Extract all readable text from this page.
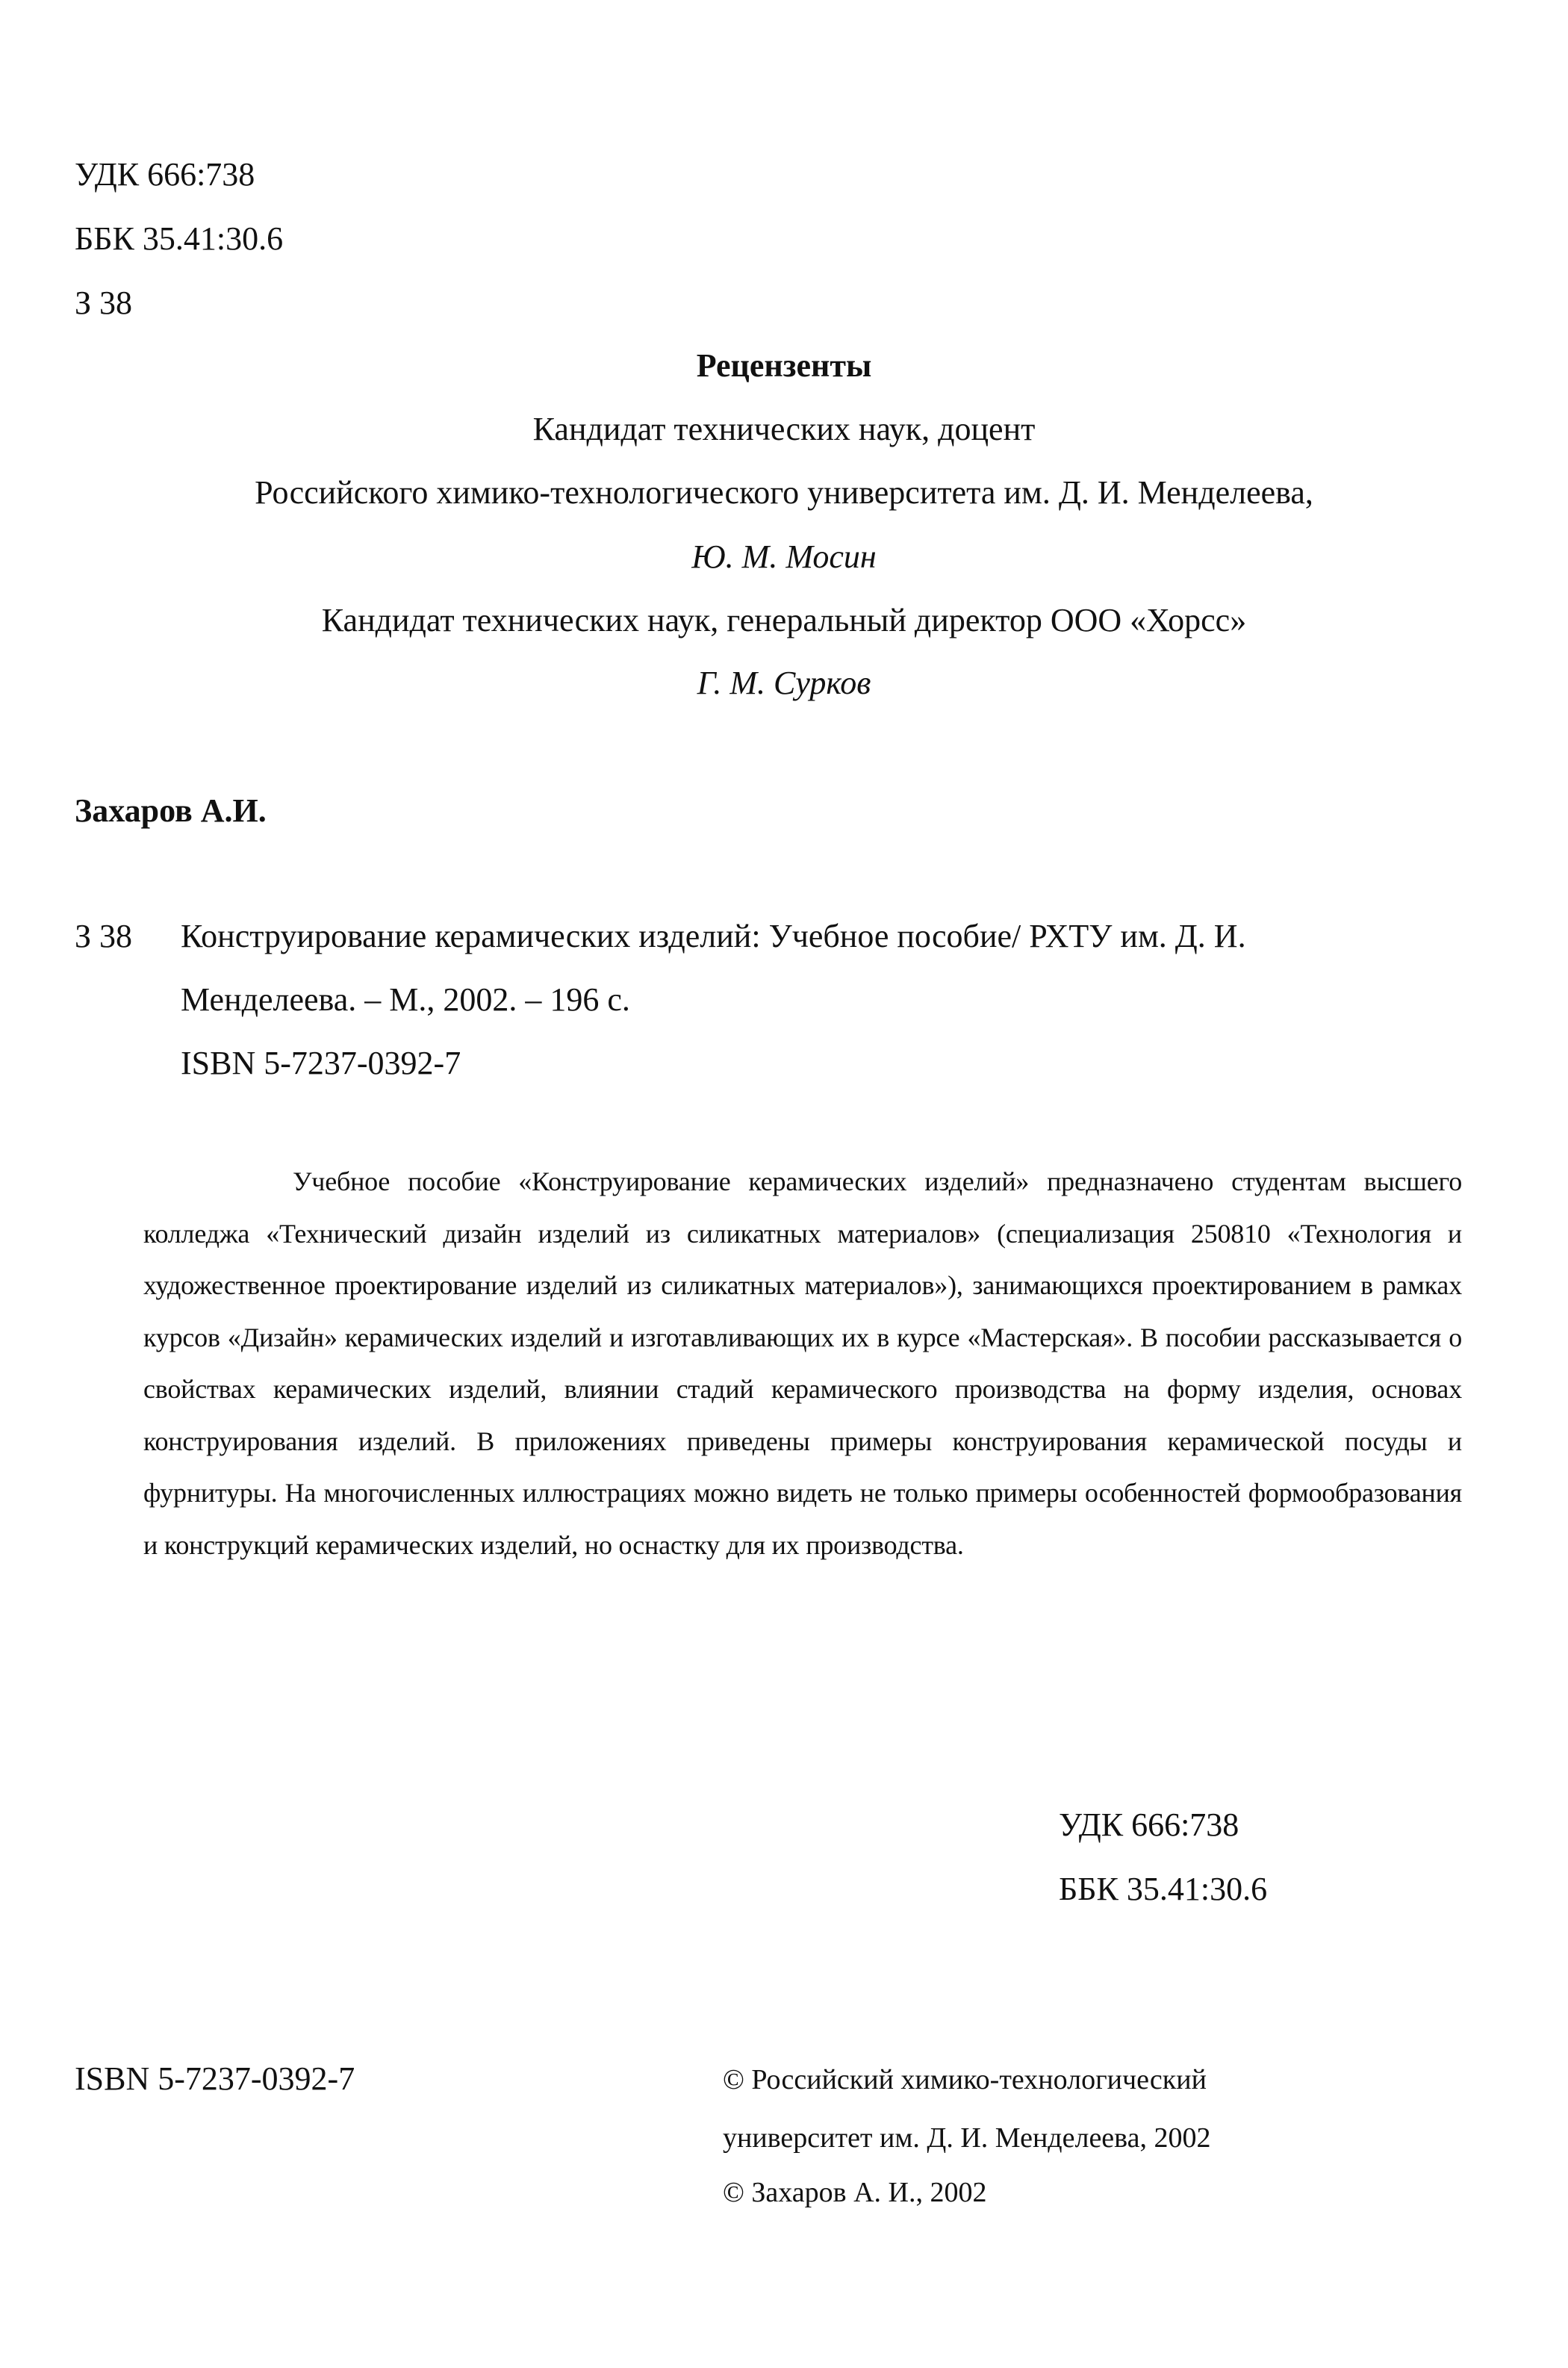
УДК 666:738
ББК 35.41:30.6
З 38
Рецензенты
Кандидат технических наук, доцент
Российского химико-технологического университета им. Д. И. Менделеева,
Ю. М. Мосин
Кандидат технических наук, генеральный директор ООО «Хорсс»
Г. М. Сурков
Захаров А.И.
З 38 Конструирование керамических изделий: Учебное пособие/ РХТУ им. Д. И.
Менделеева. – М., 2002. – 196 с.
ISBN 5-7237-0392-7
Учебное пособие «Конструирование керамических изделий» предназначено студентам высшего колледжа «Технический дизайн изделий из силикатных материалов» (специализация 250810 «Технология и художественное проектирование изделий из силикатных материалов»), занимающихся проектированием в рамках курсов «Дизайн» керамических изделий и изготавливающих их в курсе «Мастерская». В пособии рассказывается о свойствах керамических изделий, влиянии стадий керамического производства на форму изделия, основах конструирования изделий. В приложениях приведены примеры конструирования керамической посуды и фурнитуры. На многочисленных иллюстрациях можно видеть не только примеры особенностей формообразования и конструкций керамических изделий, но оснастку для их производства.
УДК 666:738
ББК 35.41:30.6
ISBN 5-7237-0392-7	© Российский химико-технологический
университет им. Д. И. Менделеева, 2002
© Захаров А. И., 2002
